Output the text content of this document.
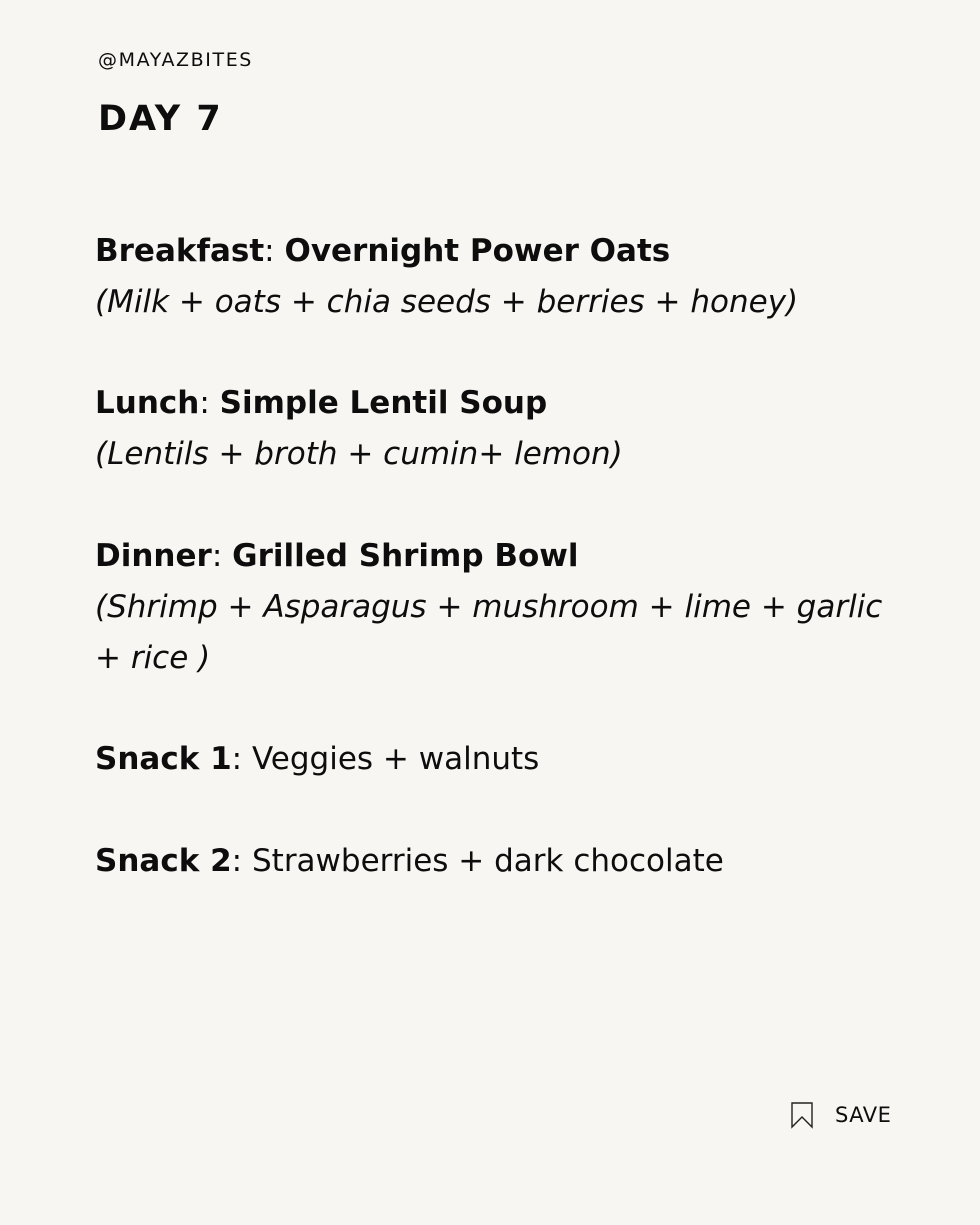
@MAYAZBITES
DAY 7
Breakfast: Overnight Power Oats
(Milk + oats + chia seeds + berries + honey)
Lunch: Simple Lentil Soup
(Lentils + broth + cumin+ lemon)
Dinner: Grilled Shrimp Bowl
(Shrimp + Asparagus + mushroom + lime + garlic + rice )
Snack 1: Veggies + walnuts
Snack 2: Strawberries + dark chocolate
SAVE
